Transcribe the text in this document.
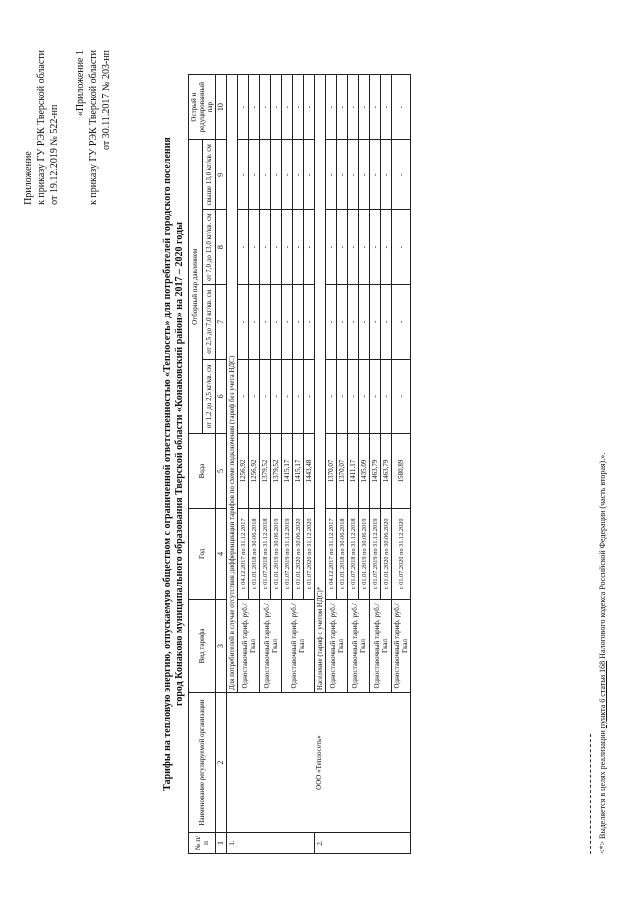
Приложение к приказу ГУ РЭК Тверской области от 19.12.2019 № 522-нп
«Приложение 1 к приказу ГУ РЭК Тверской области от 30.11.2017 № 203-нп
Тарифы на тепловую энергию, отпускаемую обществом с ограниченной ответственностью «Теплосеть» для потребителей городского поселения город Конаково муниципального образования Тверской области «Конаковский район» на 2017 – 2020 годы
№ п/п	Наименование регулируемой организации	Вид тарифа	Год	Вода	Отборный пар давлением				Острый и редуцированный пар
					от 1,2 до 2,5 кг/кв. см	от 2,5 до 7,0 кг/кв. см	от 7,0 до 13,0 кг/кв. см	свыше 13,0 кг/кв. см	
1	2	3	4	5	6	7	8	9	10
1.	ООО «Теплосеть»	Для потребителей в случае отсутствия дифференциации тарифов по схеме подключения (тариф без учета НДС)							
		Одноставочный тариф, руб./Гкал	с 04.12.2017 по 31.12.2017	1256,92	-	-	-	-	-
			с 01.01.2018 по 30.06.2018	1256,92	-	-	-	-	-
		Одноставочный тариф, руб./Гкал	с 01.07.2018 по 31.12.2018	1379,52	-	-	-	-	-
			с 01.01.2019 по 30.06.2019	1379,52	-	-	-	-	-
		Одноставочный тариф, руб./Гкал	с 01.07.2019 по 31.12.2019	1415,17	-	-	-	-	-
			с 01.01.2020 по 30.06.2020	1415,17	-	-	-	-	-
			с 01.07.2020 по 31.12.2020	1443,48	-	-	-	-	-
2.		Население (тариф с учетом НДС)*							
		Одноставочный тариф, руб./Гкал	с 04.12.2017 по 31.12.2017	1370,07	-	-	-	-	-
			с 01.01.2018 по 30.06.2018	1370,07	-	-	-	-	-
		Одноставочный тариф, руб./Гкал	с 01.07.2018 по 31.12.2018	1411,17	-	-	-	-	-
			с 01.01.2019 по 30.06.2019	1435,09	-	-	-	-	-
		Одноставочный тариф, руб./Гкал	с 01.07.2019 по 31.12.2019	1463,79	-	-	-	-	-
			с 01.01.2020 по 30.06.2020	1463,79	-	-	-	-	-
		Одноставочный тариф, руб./Гкал	с 01.07.2020 по 31.12.2020	1580,89	-	-	-	-	-
<*> Выделяется в целях реализации пункта 6 статьи 168 Налогового кодекса Российской Федерации (часть вторая).».
